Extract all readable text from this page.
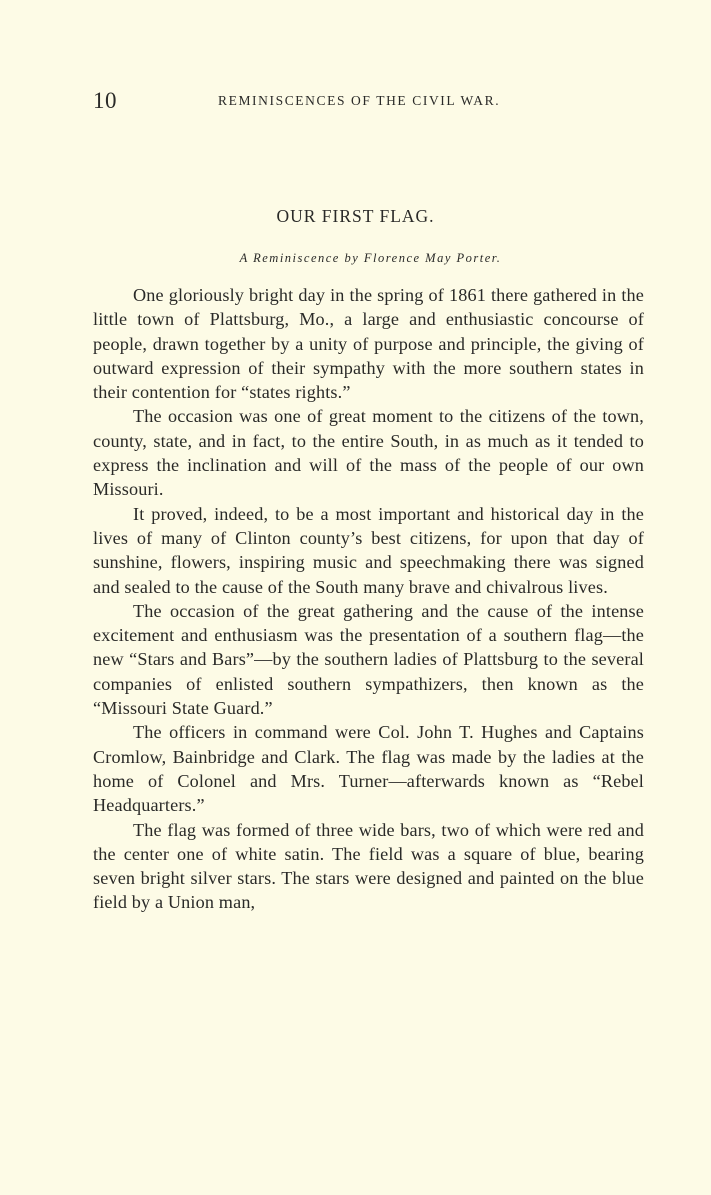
10	REMINISCENCES OF THE CIVIL WAR.
OUR FIRST FLAG.

A Reminiscence by Florence May Porter.

One gloriously bright day in the spring of 1861 there gathered in the little town of Plattsburg, Mo., a large and enthusiastic concourse of people, drawn together by a unity of purpose and principle, the giving of outward expression of their sympathy with the more southern states in their contention for “states rights.”

The occasion was one of great moment to the citizens of the town, county, state, and in fact, to the entire South, in as much as it tended to express the inclination and will of the mass of the people of our own Missouri.

It proved, indeed, to be a most important and historical day in the lives of many of Clinton county’s best citizens, for upon that day of sunshine, flowers, inspiring music and speechmaking there was signed and sealed to the cause of the South many brave and chivalrous lives.

The occasion of the great gathering and the cause of the intense excitement and enthusiasm was the presentation of a southern flag—the new “Stars and Bars”—by the southern ladies of Plattsburg to the several companies of enlisted southern sympathizers, then known as the “Missouri State Guard.”

The officers in command were Col. John T. Hughes and Captains Cromlow, Bainbridge and Clark. The flag was made by the ladies at the home of Colonel and Mrs. Turner—afterwards known as “Rebel Headquarters.”

The flag was formed of three wide bars, two of which were red and the center one of white satin. The field was a square of blue, bearing seven bright silver stars. The stars were designed and painted on the blue field by a Union man,
